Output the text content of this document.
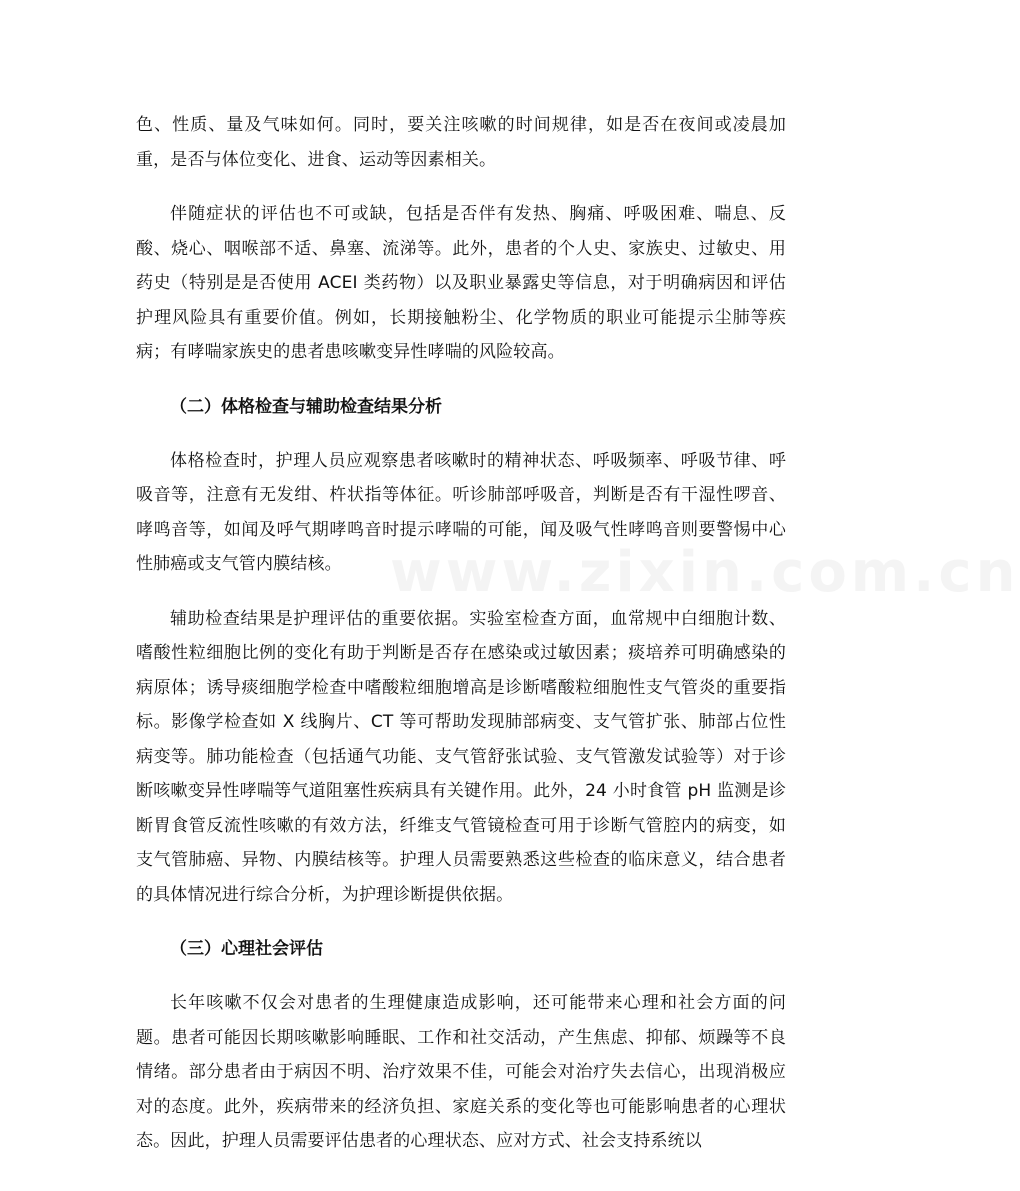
色、性质、量及气味如何。同时，要关注咳嗽的时间规律，如是否在夜间或凌晨加重，是否与体位变化、进食、运动等因素相关。

伴随症状的评估也不可或缺，包括是否伴有发热、胸痛、呼吸困难、喘息、反酸、烧心、咽喉部不适、鼻塞、流涕等。此外，患者的个人史、家族史、过敏史、用药史（特别是是否使用 ACEI 类药物）以及职业暴露史等信息，对于明确病因和评估护理风险具有重要价值。例如，长期接触粉尘、化学物质的职业可能提示尘肺等疾病；有哮喘家族史的患者患咳嗽变异性哮喘的风险较高。

（二）体格检查与辅助检查结果分析

体格检查时，护理人员应观察患者咳嗽时的精神状态、呼吸频率、呼吸节律、呼吸音等，注意有无发绀、杵状指等体征。听诊肺部呼吸音，判断是否有干湿性啰音、哮鸣音等，如闻及呼气期哮鸣音时提示哮喘的可能，闻及吸气性哮鸣音则要警惕中心性肺癌或支气管内膜结核。

辅助检查结果是护理评估的重要依据。实验室检查方面，血常规中白细胞计数、嗜酸性粒细胞比例的变化有助于判断是否存在感染或过敏因素；痰培养可明确感染的病原体；诱导痰细胞学检查中嗜酸粒细胞增高是诊断嗜酸粒细胞性支气管炎的重要指标。影像学检查如 X 线胸片、CT 等可帮助发现肺部病变、支气管扩张、肺部占位性病变等。肺功能检查（包括通气功能、支气管舒张试验、支气管激发试验等）对于诊断咳嗽变异性哮喘等气道阻塞性疾病具有关键作用。此外，24 小时食管 pH 监测是诊断胃食管反流性咳嗽的有效方法，纤维支气管镜检查可用于诊断气管腔内的病变，如支气管肺癌、异物、内膜结核等。护理人员需要熟悉这些检查的临床意义，结合患者的具体情况进行综合分析，为护理诊断提供依据。

（三）心理社会评估

长年咳嗽不仅会对患者的生理健康造成影响，还可能带来心理和社会方面的问题。患者可能因长期咳嗽影响睡眠、工作和社交活动，产生焦虑、抑郁、烦躁等不良情绪。部分患者由于病因不明、治疗效果不佳，可能会对治疗失去信心，出现消极应对的态度。此外，疾病带来的经济负担、家庭关系的变化等也可能影响患者的心理状态。因此，护理人员需要评估患者的心理状态、应对方式、社会支持系统以

www.zixin.com.cn
